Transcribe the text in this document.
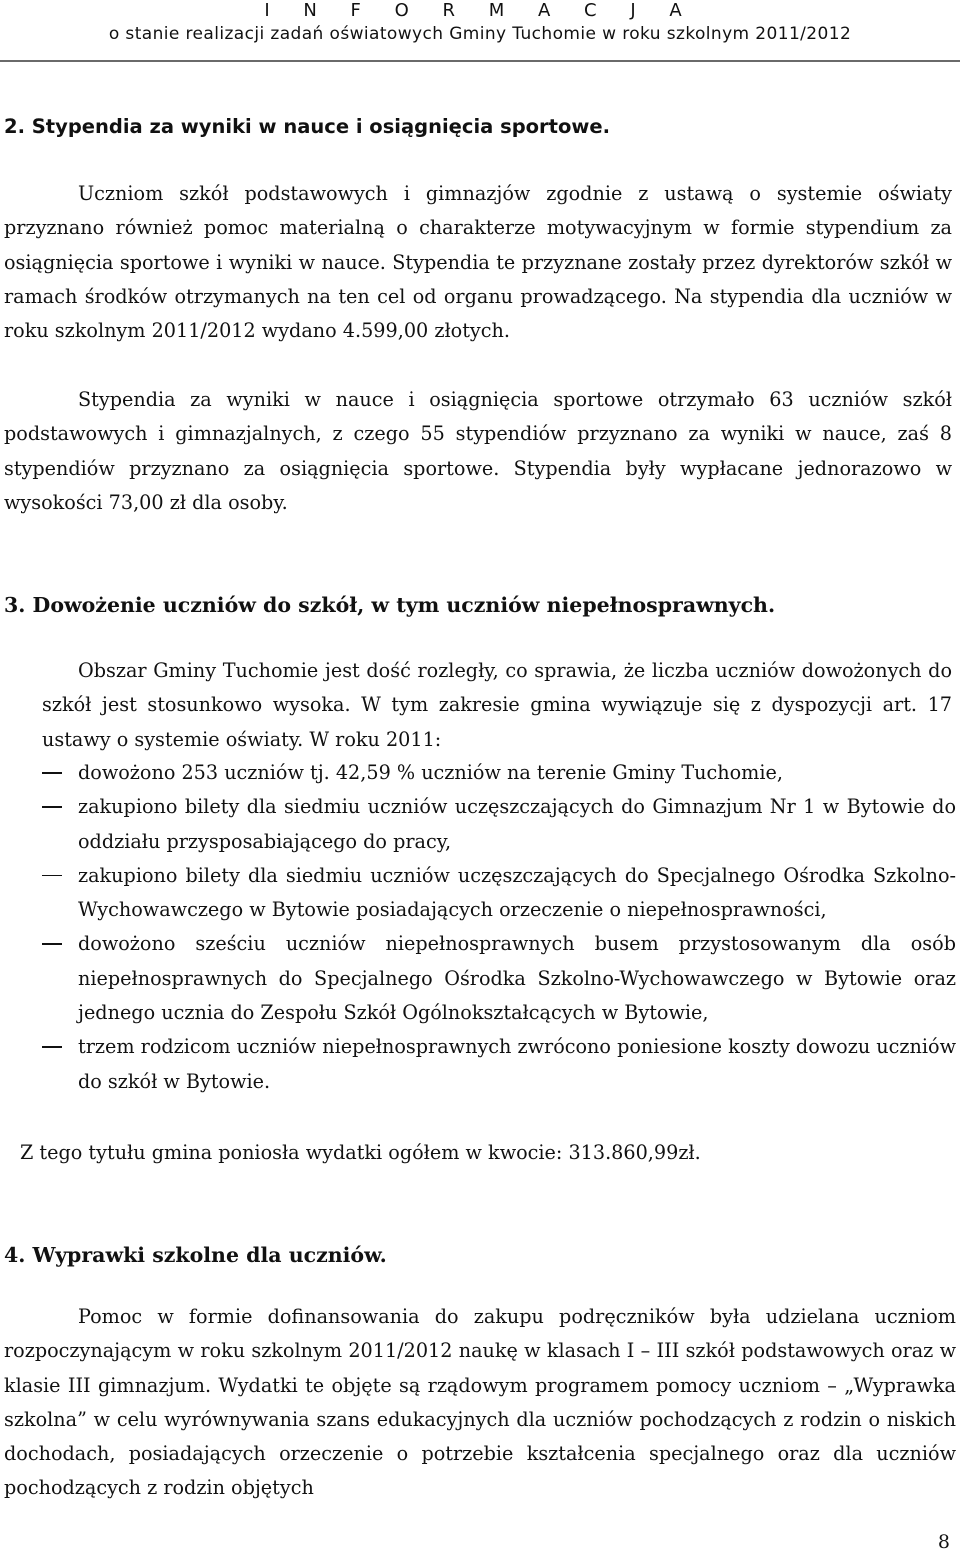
I N F O R M A C J A
o stanie realizacji zadań oświatowych Gminy Tuchomie w roku szkolnym 2011/2012
2. Stypendia za wyniki w nauce i osiągnięcia sportowe.

Uczniom szkół podstawowych i gimnazjów zgodnie z ustawą o systemie oświaty przyznano również pomoc materialną o charakterze motywacyjnym w formie stypendium za osiągnięcia sportowe i wyniki w nauce. Stypendia te przyznane zostały przez dyrektorów szkół w ramach środków otrzymanych na ten cel od organu prowadzącego. Na stypendia dla uczniów w roku szkolnym 2011/2012 wydano 4.599,00 złotych.

Stypendia za wyniki w nauce i osiągnięcia sportowe otrzymało 63 uczniów szkół podstawowych i gimnazjalnych, z czego 55 stypendiów przyznano za wyniki w nauce, zaś 8 stypendiów przyznano za osiągnięcia sportowe. Stypendia były wypłacane jednorazowo w wysokości 73,00 zł dla osoby.

3. Dowożenie uczniów do szkół, w tym uczniów niepełnosprawnych.

Obszar Gminy Tuchomie jest dość rozległy, co sprawia, że liczba uczniów dowożonych do szkół jest stosunkowo wysoka. W tym zakresie gmina wywiązuje się z dyspozycji art. 17 ustawy o systemie oświaty. W roku 2011:

dowożono 253 uczniów tj. 42,59 % uczniów na terenie Gminy Tuchomie,
zakupiono bilety dla siedmiu uczniów uczęszczających do Gimnazjum Nr 1 w Bytowie do oddziału przysposabiającego do pracy,
zakupiono bilety dla siedmiu uczniów uczęszczających do Specjalnego Ośrodka Szkolno-Wychowawczego w Bytowie posiadających orzeczenie o niepełnosprawności,
dowożono sześciu uczniów niepełnosprawnych busem przystosowanym dla osób niepełnosprawnych do Specjalnego Ośrodka Szkolno-Wychowawczego w Bytowie oraz jednego ucznia do Zespołu Szkół Ogólnokształcących w Bytowie,
trzem rodzicom uczniów niepełnosprawnych zwrócono poniesione koszty dowozu uczniów do szkół w Bytowie.
Z tego tytułu gmina poniosła wydatki ogółem w kwocie: 313.860,99zł.
4. Wyprawki szkolne dla uczniów.

Pomoc w formie dofinansowania do zakupu podręczników była udzielana uczniom rozpoczynającym w roku szkolnym 2011/2012 naukę w klasach I – III szkół podstawowych oraz w klasie III gimnazjum. Wydatki te objęte są rządowym programem pomocy uczniom – „Wyprawka szkolna” w celu wyrównywania szans edukacyjnych dla uczniów pochodzących z rodzin o niskich dochodach, posiadających orzeczenie o potrzebie kształcenia specjalnego oraz dla uczniów pochodzących z rodzin objętych

8
